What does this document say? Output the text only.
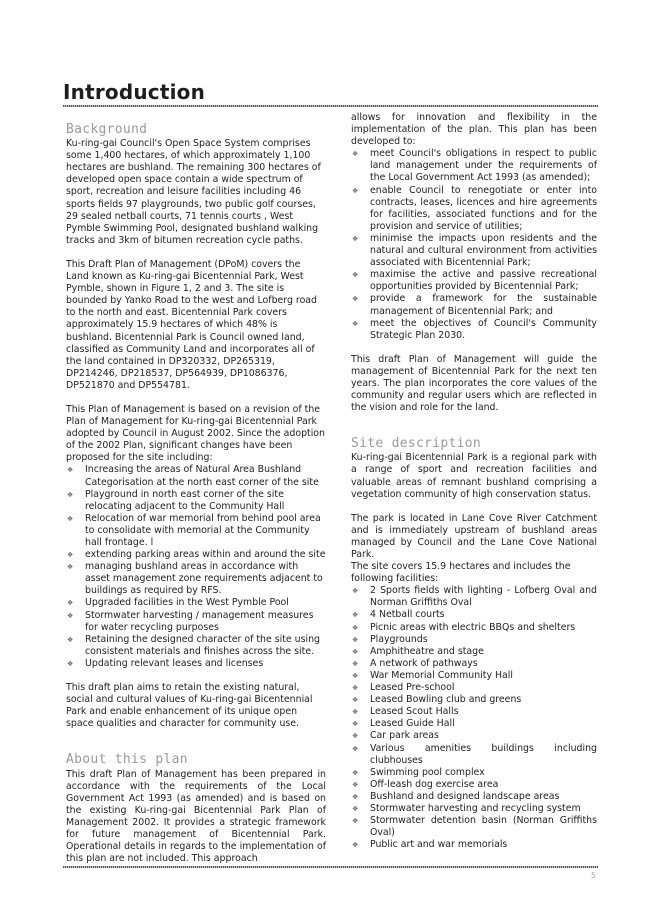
Introduction
Background

Ku-ring-gai Council's Open Space System comprises some 1,400 hectares, of which approximately 1,100 hectares are bushland. The remaining 300 hectares of developed open space contain a wide spectrum of sport, recreation and leisure facilities including 46 sports fields 97 playgrounds, two public golf courses, 29 sealed netball courts, 71 tennis courts , West Pymble Swimming Pool, designated bushland walking tracks and 3km of bitumen recreation cycle paths.

This Draft Plan of Management (DPoM) covers the Land known as Ku-ring-gai Bicentennial Park, West Pymble, shown in Figure 1, 2 and 3. The site is bounded by Yanko Road to the west and Lofberg road to the north and east. Bicentennial Park covers approximately 15.9 hectares of which 48% is bushland. Bicentennial Park is Council owned land, classified as Community Land and incorporates all of the land contained in DP320332, DP265319, DP214246, DP218537, DP564939, DP1086376, DP521870 and DP554781.

This Plan of Management is based on a revision of the Plan of Management for Ku-ring-gai Bicentennial Park adopted by Council in August 2002. Since the adoption of the 2002 Plan, significant changes have been proposed for the site including:

❖ Increasing the areas of Natural Area Bushland Categorisation at the north east corner of the site
❖ Playground in north east corner of the site relocating adjacent to the Community Hall
❖ Relocation of war memorial from behind pool area to consolidate with memorial at the Community hall frontage. l
❖ extending parking areas within and around the site
❖ managing bushland areas in accordance with asset management zone requirements adjacent to buildings as required by RFS.
❖ Upgraded facilities in the West Pymble Pool
❖ Stormwater harvesting / management measures for water recycling purposes
❖ Retaining the designed character of the site using consistent materials and finishes across the site.
❖ Updating relevant leases and licenses

This draft plan aims to retain the existing natural, social and cultural values of Ku-ring-gai Bicentennial Park and enable enhancement of its unique open space qualities and character for community use.

About this plan

This draft Plan of Management has been prepared in accordance with the requirements of the Local Government Act 1993 (as amended) and is based on the existing Ku-ring-gai Bicentennial Park Plan of Management 2002. It provides a strategic framework for future management of Bicentennial Park. Operational details in regards to the implementation of this plan are not included. This approach

allows for innovation and flexibility in the implementation of the plan. This plan has been developed to:

❖ meet Council's obligations in respect to public land management under the requirements of the Local Government Act 1993 (as amended);
❖ enable Council to renegotiate or enter into contracts, leases, licences and hire agreements for facilities, associated functions and for the provision and service of utilities;
❖ minimise the impacts upon residents and the natural and cultural environment from activities associated with Bicentennial Park;
❖ maximise the active and passive recreational opportunities provided by Bicentennial Park;
❖ provide a framework for the sustainable management of Bicentennial Park; and
❖ meet the objectives of Council's Community Strategic Plan 2030.

This draft Plan of Management will guide the management of Bicentennial Park for the next ten years. The plan incorporates the core values of the community and regular users which are reflected in the vision and role for the land.

Site description

Ku-ring-gai Bicentennial Park is a regional park with a range of sport and recreation facilities and valuable areas of remnant bushland comprising a vegetation community of high conservation status.

The park is located in Lane Cove River Catchment and is immediately upstream of bushland areas managed by Council and the Lane Cove National Park.

The site covers 15.9 hectares and includes the following facilities:

❖ 2 Sports fields with lighting - Lofberg Oval and Norman Griffiths Oval
❖ 4 Netball courts
❖ Picnic areas with electric BBQs and shelters
❖ Playgrounds
❖ Amphitheatre and stage
❖ A network of pathways
❖ War Memorial Community Hall
❖ Leased Pre-school
❖ Leased Bowling club and greens
❖ Leased Scout Halls
❖ Leased Guide Hall
❖ Car park areas
❖ Various amenities buildings including clubhouses
❖ Swimming pool complex
❖ Off-leash dog exercise area
❖ Bushland and designed landscape areas
❖ Stormwater harvesting and recycling system
❖ Stormwater detention basin (Norman Griffiths Oval)
❖ Public art and war memorials
5
